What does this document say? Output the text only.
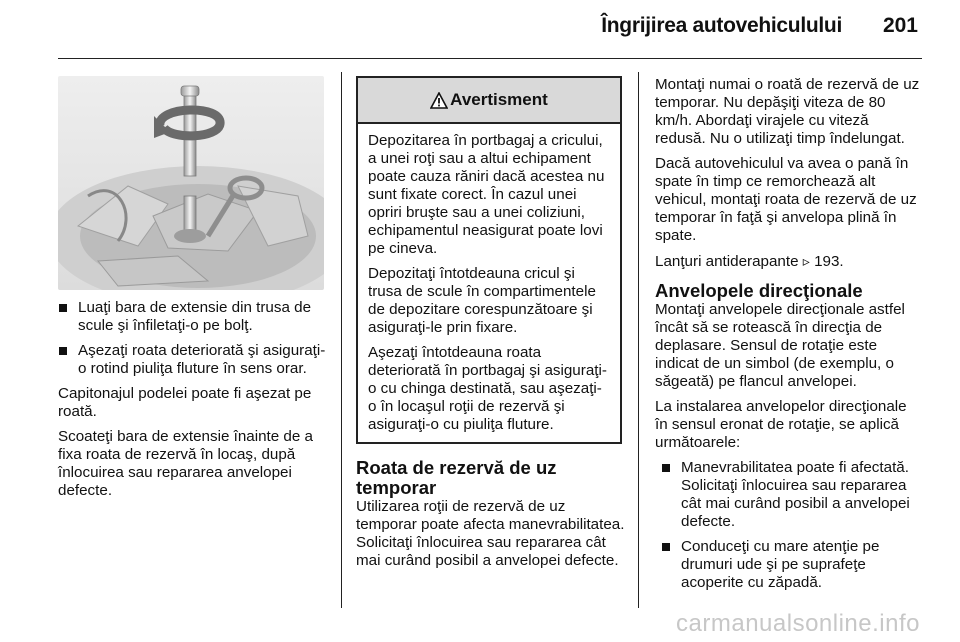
Îngrijirea autovehiculului 201
Luaţi bara de extensie din trusa de scule şi înfiletaţi-o pe bolţ.
Aşezaţi roata deteriorată şi asiguraţi-o rotind piuliţa fluture în sens orar.

Capitonajul podelei poate fi aşezat pe roată.

Scoateţi bara de extensie înainte de a fixa roata de rezervă în locaş, după înlocuirea sau repararea anvelopei defecte.

Avertisment

Depozitarea în portbagaj a cricului, a unei roţi sau a altui echipament poate cauza răniri dacă acestea nu sunt fixate corect. În cazul unei opriri bruşte sau a unei coliziuni, echipamentul neasigurat poate lovi pe cineva.

Depozitaţi întotdeauna cricul şi trusa de scule în compartimentele de depozitare corespunzătoare şi asiguraţi-le prin fixare.

Aşezaţi întotdeauna roata deteriorată în portbagaj şi asiguraţi-o cu chinga destinată, sau aşezaţi-o în locaşul roţii de rezervă şi asiguraţi-o cu piuliţa fluture.

Roata de rezervă de uz temporar

Utilizarea roţii de rezervă de uz temporar poate afecta manevrabilitatea. Solicitaţi înlocuirea sau repararea cât mai curând posibil a anvelopei defecte.

Montaţi numai o roată de rezervă de uz temporar. Nu depăşiţi viteza de 80 km/h. Abordaţi virajele cu viteză redusă. Nu o utilizaţi timp îndelungat.

Dacă autovehiculul va avea o pană în spate în timp ce remorchează alt vehicul, montaţi roata de rezervă de uz temporar în faţă şi anvelopa plină în spate.

Lanţuri antiderapante ▹ 193.

Anvelopele direcţionale

Montaţi anvelopele direcţionale astfel încât să se rotească în direcţia de deplasare. Sensul de rotaţie este indicat de un simbol (de exemplu, o săgeată) pe flancul anvelopei.

La instalarea anvelopelor direcţionale în sensul eronat de rotaţie, se aplică următoarele:

Manevrabilitatea poate fi afectată. Solicitaţi înlocuirea sau repararea cât mai curând posibil a anvelopei defecte.
Conduceţi cu mare atenţie pe drumuri ude şi pe suprafeţe acoperite cu zăpadă.
carmanualsonline.info
